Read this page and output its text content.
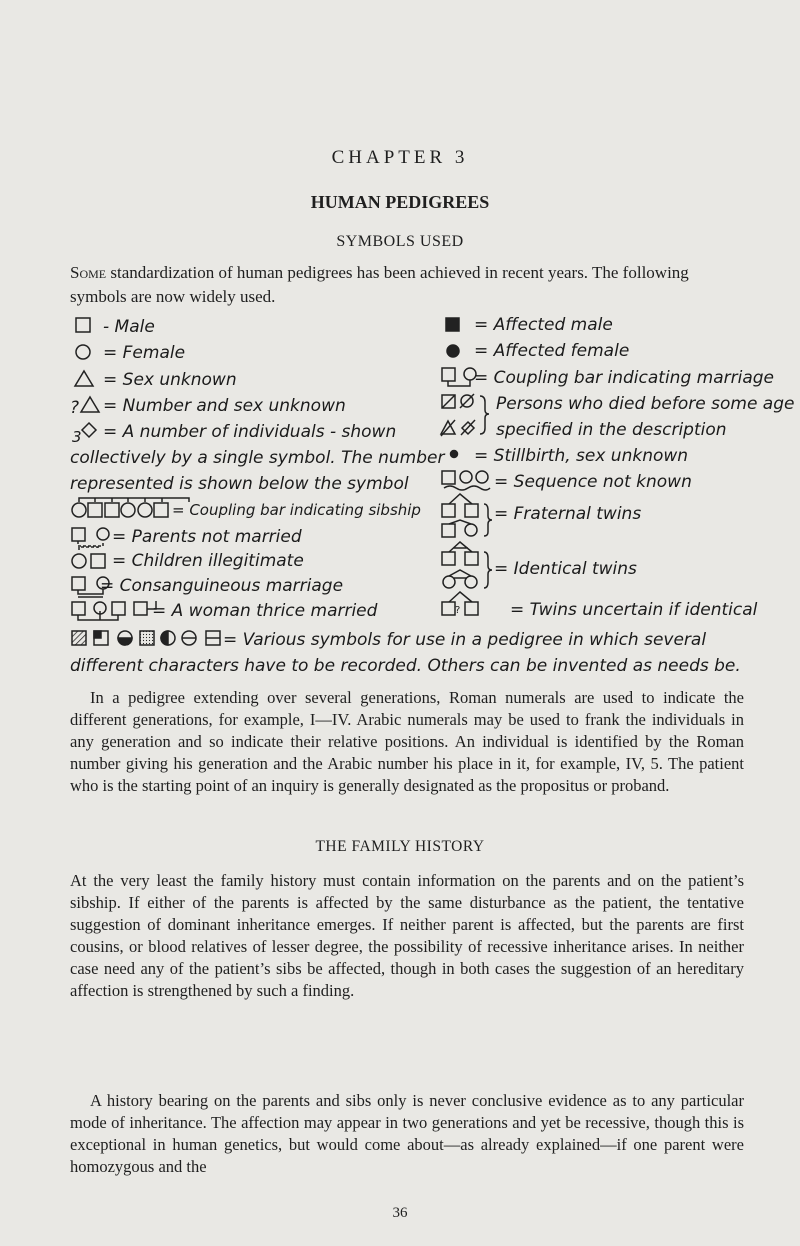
CHAPTER 3
HUMAN PEDIGREES
SYMBOLS USED
Some standardization of human pedigrees has been achieved in recent years. The following symbols are now widely used.
- Male
= Female
= Sex unknown
? = Number and sex unknown
3 = A number of individuals - shown
collectively by a single symbol. The number
represented is shown below the symbol
= Coupling bar indicating sibship
= Parents not married
= Children illegitimate
= Consanguineous marriage
= A woman thrice married
= Affected male
= Affected female
= Coupling bar indicating marriage
Persons who died before some age
specified in the description
= Stillbirth, sex unknown
= Sequence not known
= Fraternal twins
= Identical twins
?	= Twins uncertain if identical
= Various symbols for use in a pedigree in which several
different characters have to be recorded. Others can be invented as needs be.
In a pedigree extending over several generations, Roman numerals are used to indicate the different generations, for example, I—IV. Arabic numerals may be used to frank the individuals in any generation and so indicate their relative positions. An individual is identified by the Roman number giving his generation and the Arabic number his place in it, for example, IV, 5. The patient who is the starting point of an inquiry is generally designated as the propositus or proband.
THE FAMILY HISTORY
At the very least the family history must contain information on the parents and on the patient’s sibship. If either of the parents is affected by the same disturbance as the patient, the tentative suggestion of dominant inheritance emerges. If neither parent is affected, but the parents are first cousins, or blood relatives of lesser degree, the possibility of recessive inheritance arises. In neither case need any of the patient’s sibs be affected, though in both cases the suggestion of an hereditary affection is strengthened by such a finding.
A history bearing on the parents and sibs only is never conclusive evidence as to any particular mode of inheritance. The affection may appear in two generations and yet be recessive, though this is exceptional in human genetics, but would come about—as already explained—if one parent were homozygous and the
36
